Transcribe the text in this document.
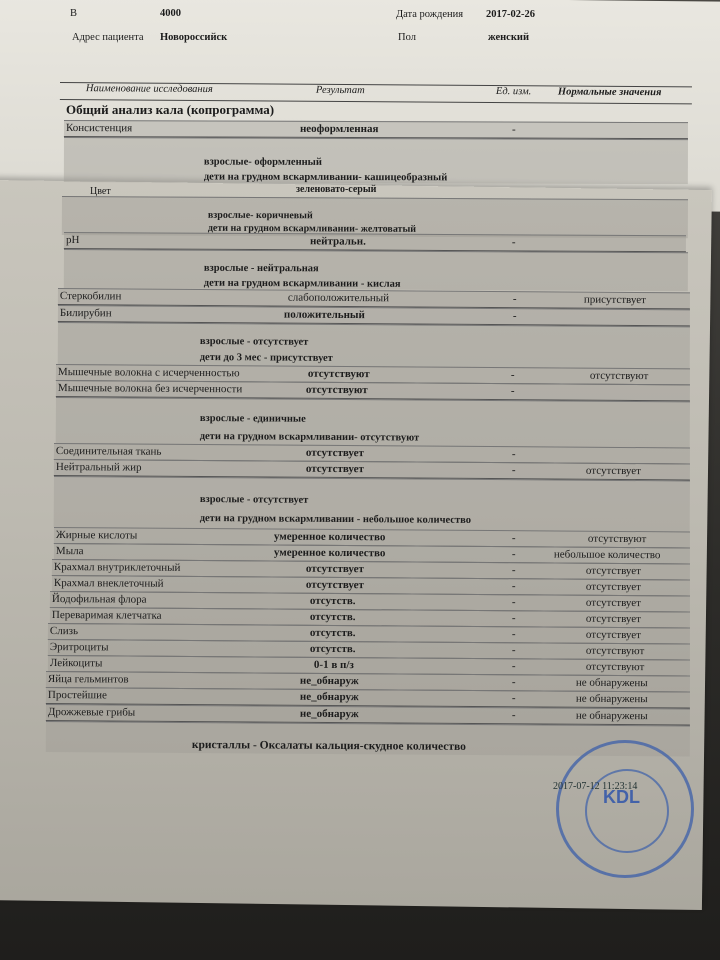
В	4000	Дата рождения 2017-02-26
Адрес пациента Новороссийск	Пол	женский
Наименование исследования	Результат	Ед. изм.	Нормальные значения
Общий анализ кала (копрограмма)
Консистенция	неоформленная	-
взрослые- оформленный
дети на грудном вскармливании- кашицеобразный
Цвет	зеленовато-серый
взрослые- коричневый
дети на грудном вскармливании- желтоватый
pH	нейтральн.	-
взрослые - нейтральная
дети на грудном вскармливании - кислая
Стеркобилин	слабоположительный	-	присутствует
Билирубин	положительный	-
взрослые - отсутствует
дети до 3 мес - присутствует
Мышечные волокна с исчерченностью	отсутствуют	-	отсутствуют
Мышечные волокна без исчерченности	отсутствуют	-
взрослые - единичные
дети на грудном вскармливании- отсутствуют
Соединительная ткань	отсутствует	-
Нейтральный жир	отсутствует	-	отсутствует
взрослые - отсутствует
дети на грудном вскармливании - небольшое количество
Жирные кислоты	умеренное количество	-	отсутствуют
Мыла	умеренное количество	-	небольшое количество
Крахмал внутриклеточный	отсутствует	-	отсутствует
Крахмал внеклеточный	отсутствует	-	отсутствует
Йодофильная флора	отсутств.	-	отсутствует
Переваримая клетчатка	отсутств.	-	отсутствует
Слизь	отсутств.	-	отсутствует
Эритроциты	отсутств.	-	отсутствуют
Лейкоциты	0-1 в п/з	-	отсутствуют
Яйца гельминтов	не_обнаруж	-	не обнаружены
Простейшие	не_обнаруж	-	не обнаружены
Дрожжевые грибы	не_обнаруж	-	не обнаружены
кристаллы - Оксалаты кальция-скудное количество
KDL
2017-07-12 11:23:14
